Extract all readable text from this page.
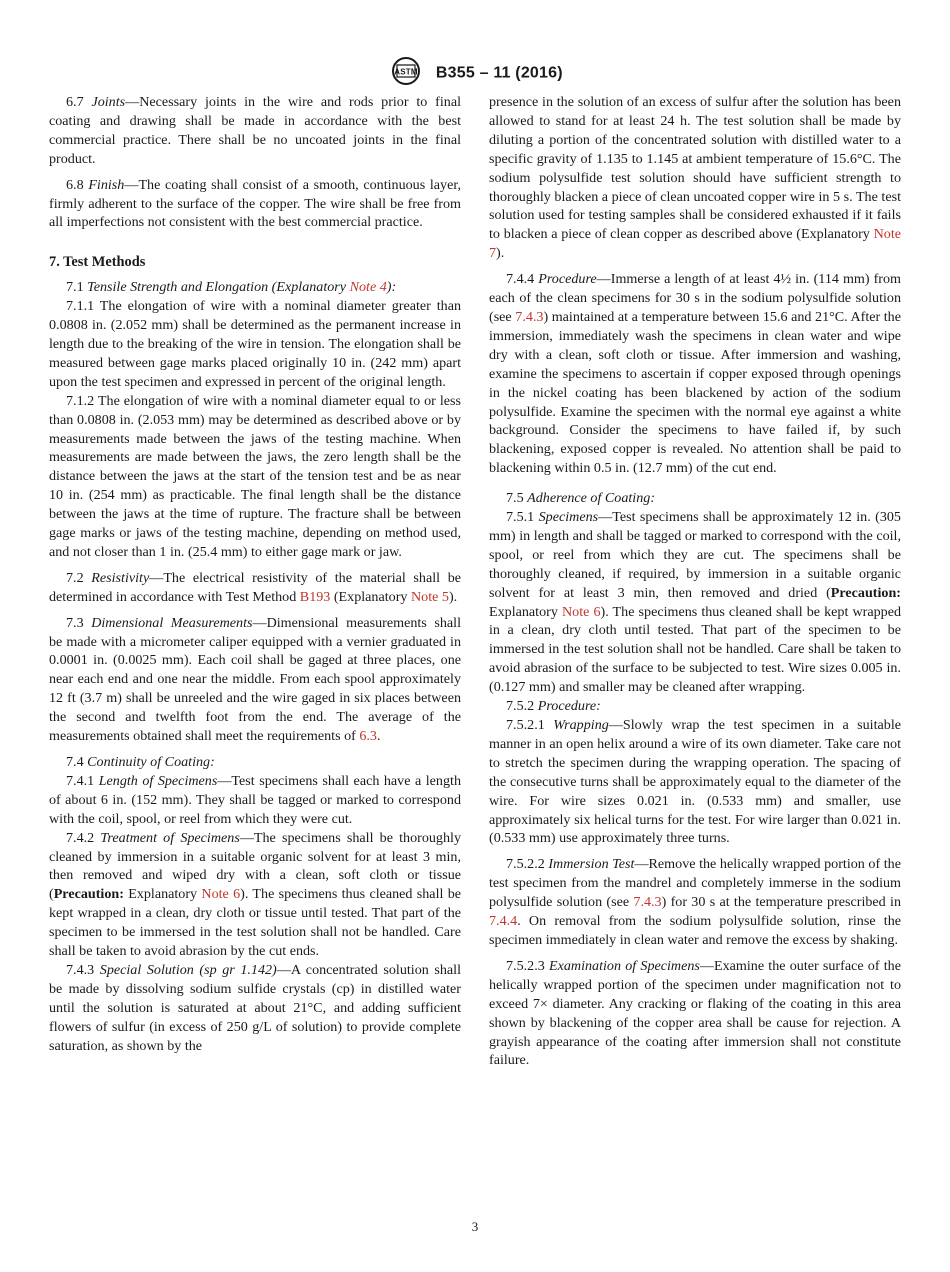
ASTM B355 – 11 (2016)

6.7 Joints—Necessary joints in the wire and rods prior to final coating and drawing shall be made in accordance with the best commercial practice. There shall be no uncoated joints in the final product.

6.8 Finish—The coating shall consist of a smooth, continuous layer, firmly adherent to the surface of the copper. The wire shall be free from all imperfections not consistent with the best commercial practice.

7. Test Methods

7.1 Tensile Strength and Elongation (Explanatory Note 4):

7.1.1 The elongation of wire with a nominal diameter greater than 0.0808 in. (2.052 mm) shall be determined as the permanent increase in length due to the breaking of the wire in tension. The elongation shall be measured between gage marks placed originally 10 in. (242 mm) apart upon the test specimen and expressed in percent of the original length.

7.1.2 The elongation of wire with a nominal diameter equal to or less than 0.0808 in. (2.053 mm) may be determined as described above or by measurements made between the jaws of the testing machine. When measurements are made between the jaws, the zero length shall be the distance between the jaws at the start of the tension test and be as near 10 in. (254 mm) as practicable. The final length shall be the distance between the jaws at the time of rupture. The fracture shall be between gage marks or jaws of the testing machine, depending on method used, and not closer than 1 in. (25.4 mm) to either gage mark or jaw.

7.2 Resistivity—The electrical resistivity of the material shall be determined in accordance with Test Method B193 (Explanatory Note 5).

7.3 Dimensional Measurements—Dimensional measurements shall be made with a micrometer caliper equipped with a vernier graduated in 0.0001 in. (0.0025 mm). Each coil shall be gaged at three places, one near each end and one near the middle. From each spool approximately 12 ft (3.7 m) shall be unreeled and the wire gaged in six places between the second and twelfth foot from the end. The average of the measurements obtained shall meet the requirements of 6.3.

7.4 Continuity of Coating:

7.4.1 Length of Specimens—Test specimens shall each have a length of about 6 in. (152 mm). They shall be tagged or marked to correspond with the coil, spool, or reel from which they were cut.

7.4.2 Treatment of Specimens—The specimens shall be thoroughly cleaned by immersion in a suitable organic solvent for at least 3 min, then removed and wiped dry with a clean, soft cloth or tissue (Precaution: Explanatory Note 6). The specimens thus cleaned shall be kept wrapped in a clean, dry cloth or tissue until tested. That part of the specimen to be immersed in the test solution shall not be handled. Care shall be taken to avoid abrasion by the cut ends.

7.4.3 Special Solution (sp gr 1.142)—A concentrated solution shall be made by dissolving sodium sulfide crystals (cp) in distilled water until the solution is saturated at about 21°C, and adding sufficient flowers of sulfur (in excess of 250 g/L of solution) to provide complete saturation, as shown by the

presence in the solution of an excess of sulfur after the solution has been allowed to stand for at least 24 h. The test solution shall be made by diluting a portion of the concentrated solution with distilled water to a specific gravity of 1.135 to 1.145 at ambient temperature of 15.6°C. The sodium polysulfide test solution should have sufficient strength to thoroughly blacken a piece of clean uncoated copper wire in 5 s. The test solution used for testing samples shall be considered exhausted if it fails to blacken a piece of clean copper as described above (Explanatory Note 7).

7.4.4 Procedure—Immerse a length of at least 4½ in. (114 mm) from each of the clean specimens for 30 s in the sodium polysulfide solution (see 7.4.3) maintained at a temperature between 15.6 and 21°C. After the immersion, immediately wash the specimens in clean water and wipe dry with a clean, soft cloth or tissue. After immersion and washing, examine the specimens to ascertain if copper exposed through openings in the nickel coating has been blackened by action of the sodium polysulfide. Examine the specimen with the normal eye against a white background. Consider the specimens to have failed if, by such blackening, exposed copper is revealed. No attention shall be paid to blackening within 0.5 in. (12.7 mm) of the cut end.

7.5 Adherence of Coating:

7.5.1 Specimens—Test specimens shall be approximately 12 in. (305 mm) in length and shall be tagged or marked to correspond with the coil, spool, or reel from which they are cut. The specimens shall be thoroughly cleaned, if required, by immersion in a suitable organic solvent for at least 3 min, then removed and dried (Precaution: Explanatory Note 6). The specimens thus cleaned shall be kept wrapped in a clean, dry cloth until tested. That part of the specimen to be immersed in the test solution shall not be handled. Care shall be taken to avoid abrasion of the surface to be subjected to test. Wire sizes 0.005 in. (0.127 mm) and smaller may be cleaned after wrapping.

7.5.2 Procedure:

7.5.2.1 Wrapping—Slowly wrap the test specimen in a suitable manner in an open helix around a wire of its own diameter. Take care not to stretch the specimen during the wrapping operation. The spacing of the consecutive turns shall be approximately equal to the diameter of the wire. For wire sizes 0.021 in. (0.533 mm) and smaller, use approximately six helical turns for the test. For wire larger than 0.021 in. (0.533 mm) use approximately three turns.

7.5.2.2 Immersion Test—Remove the helically wrapped portion of the test specimen from the mandrel and completely immerse in the sodium polysulfide solution (see 7.4.3) for 30 s at the temperature prescribed in 7.4.4. On removal from the sodium polysulfide solution, rinse the specimen immediately in clean water and remove the excess by shaking.

7.5.2.3 Examination of Specimens—Examine the outer surface of the helically wrapped portion of the specimen under magnification not to exceed 7× diameter. Any cracking or flaking of the coating in this area shown by blackening of the copper area shall be cause for rejection. A grayish appearance of the coating after immersion shall not constitute failure.

3
